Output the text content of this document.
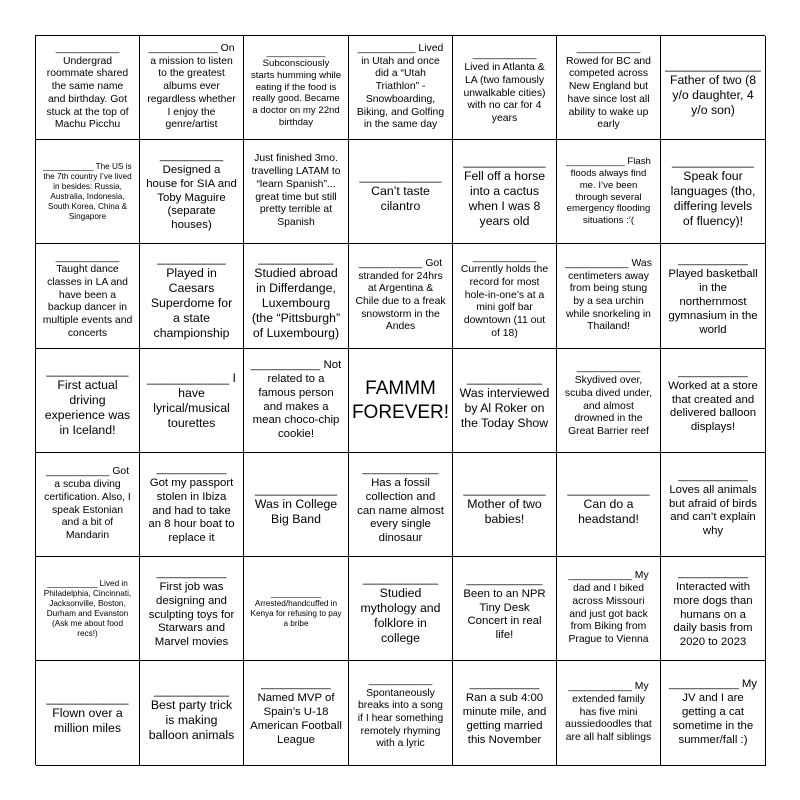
___________ Undergrad roommate shared the same name and birthday. Got stuck at the top of Machu Picchu
____________ On a mission to listen to the greatest albums ever regardless whether I enjoy the genre/artist
___________ Subconsciously starts humming while eating if the food is really good. Became a doctor on my 22nd birthday
__________ Lived in Utah and once did a “Utah Triathlon” - Snowboarding, Biking, and Golfing in the same day
___________ Lived in Atlanta & LA (two famously unwalkable cities) with no car for 4 years
___________ Rowed for BC and competed across New England but have since lost all ability to wake up early
______________ Father of two (8 y/o daughter, 4 y/o son)
___________ The US is the 7th country I’ve lived in besides: Russia, Australia, Indonesia, South Korea, China & Singapore
__________ Designed a house for SIA and Toby Maguire (separate houses)
Just finished 3mo. travelling LATAM to “learn Spanish”... great time but still pretty terrible at Spanish
____________ Can’t taste cilantro
____________ Fell off a horse into a cactus when I was 8 years old
___________ Flash floods always find me. I’ve been through several emergency flooding situations :’(
____________ Speak four languages (tho, differing levels of fluency)!
___________ Taught dance classes in LA and have been a backup dancer in multiple events and concerts
__________ Played in Caesars Superdome for a state championship
___________ Studied abroad in Differdange, Luxembourg (the “Pittsburgh” of Luxembourg)
___________ Got stranded for 24hrs at Argentina & Chile due to a freak snowstorm in the Andes
___________ Currently holds the record for most hole-in-one’s at a mini golf bar downtown (11 out of 18)
___________ Was centimeters away from being stung by a sea urchin while snorkeling in Thailand!
___________ Played basketball in the northernmost gymnasium in the world
____________ First actual driving experience was in Iceland!
____________ I have lyrical/musical tourettes
___________ Not related to a famous person and makes a mean choco-chip cookie!
FAMMM FOREVER!
___________ Was interviewed by Al Roker on the Today Show
___________ Skydived over, scuba dived under, and almost drowned in the Great Barrier reef
___________ Worked at a store that created and delivered balloon displays!
___________ Got a scuba diving certification. Also, I speak Estonian and a bit of Mandarin
___________ Got my passport stolen in Ibiza and had to take an 8 hour boat to replace it
____________ Was in College Big Band
____________ Has a fossil collection and can name almost every single dinosaur
____________ Mother of two babies!
____________ Can do a headstand!
___________ Loves all animals but afraid of birds and can’t explain why
___________ Lived in Philadelphia, Cincinnati, Jacksonville, Boston, Durham and Evanston (Ask me about food recs!)
___________ First job was designing and sculpting toys for Starwars and Marvel movies
___________ Arrested/handcuffed in Kenya for refusing to pay a bribe
___________ Studied mythology and folklore in college
____________ Been to an NPR Tiny Desk Concert in real life!
___________ My dad and I biked across Missouri and just got back from Biking from Prague to Vienna
___________ Interacted with more dogs than humans on a daily basis from 2020 to 2023
____________ Flown over a million miles
___________ Best party trick is making balloon animals
___________ Named MVP of Spain’s U-18 American Football League
___________ Spontaneously breaks into a song if I hear something remotely rhyming with a lyric
___________ Ran a sub 4:00 minute mile, and getting married this November
___________ My extended family has five mini aussiedoodles that are all half siblings
___________ My JV and I are getting a cat sometime in the summer/fall :)
